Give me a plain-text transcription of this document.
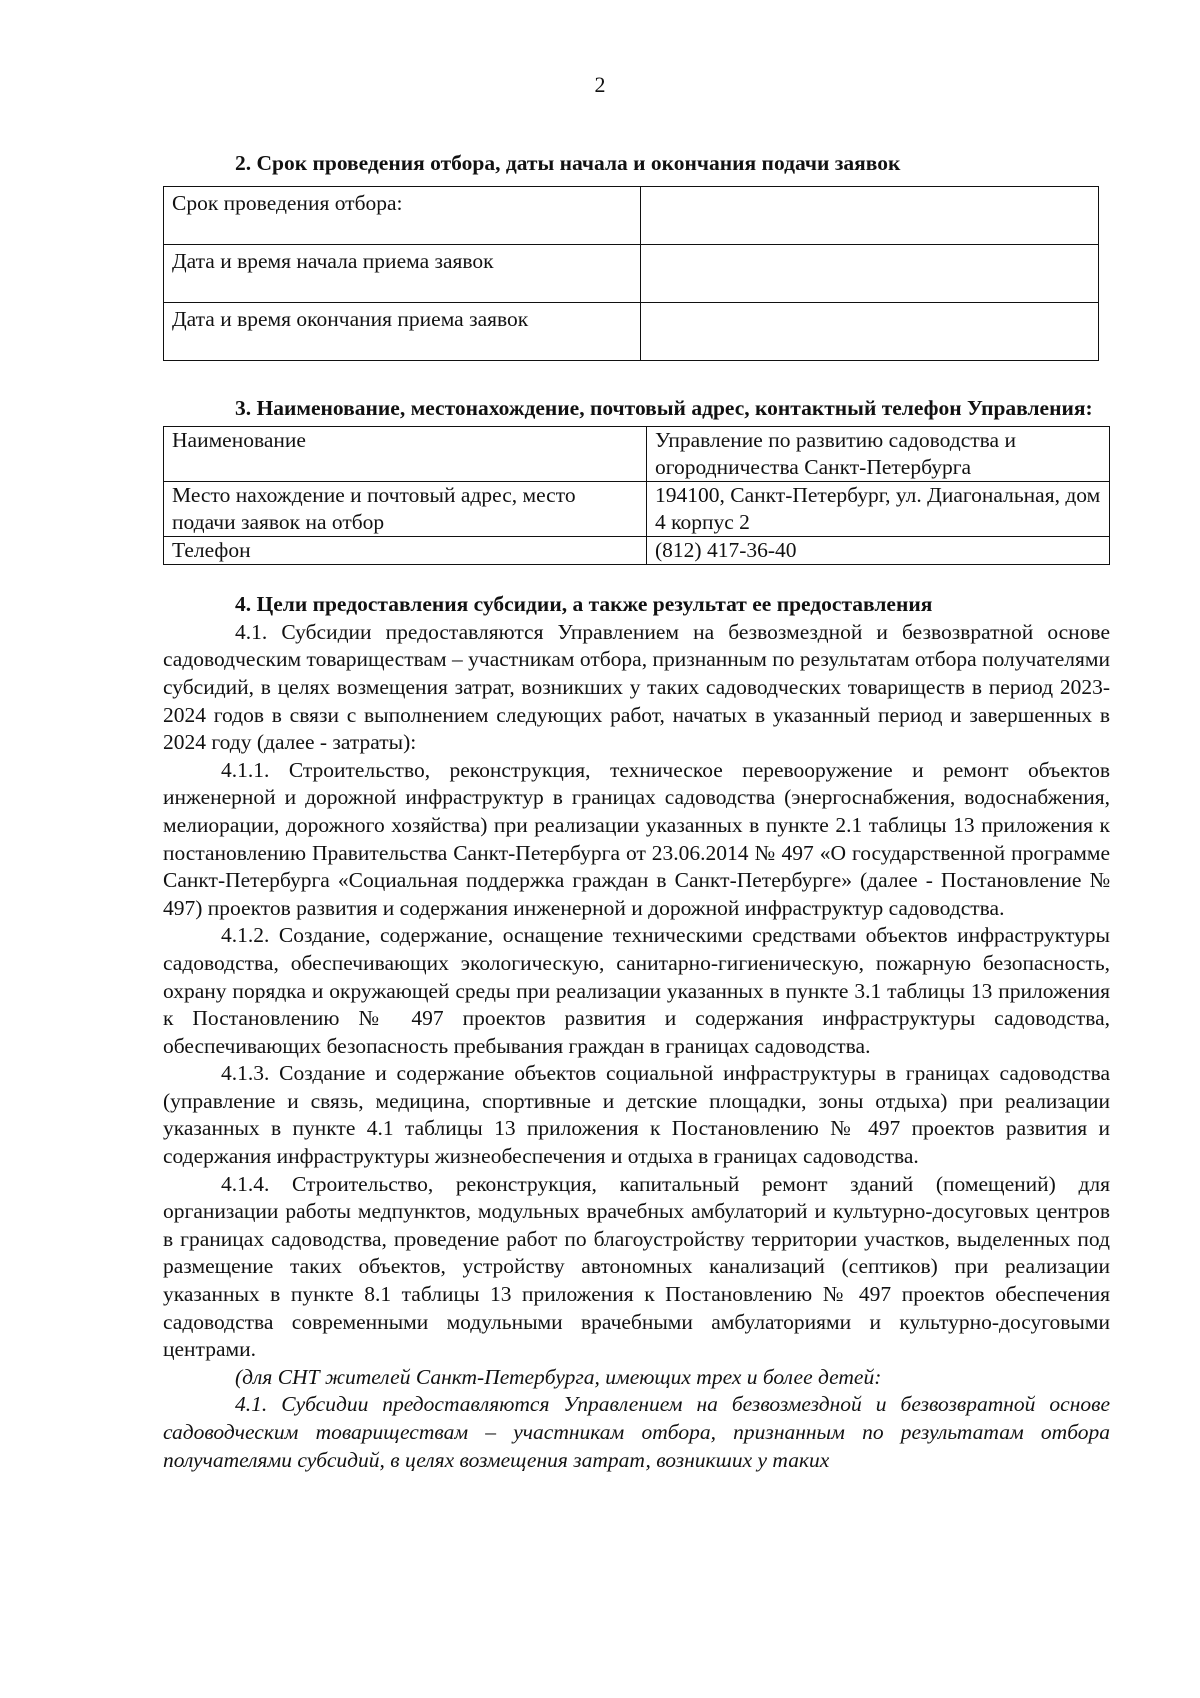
2

2. Срок проведения отбора, даты начала и окончания подачи заявок

Срок проведения отбора:	
Дата и время начала приема заявок	
Дата и время окончания приема заявок	

3. Наименование, местонахождение, почтовый адрес, контактный телефон Управления:

Наименование	Управление по развитию садоводства и огородничества Санкт-Петербурга
Место нахождение и почтовый адрес, место подачи заявок на отбор	194100, Санкт-Петербург, ул. Диагональная, дом 4 корпус 2
Телефон	(812) 417-36-40

4. Цели предоставления субсидии, а также результат ее предоставления

4.1. Субсидии предоставляются Управлением на безвозмездной и безвозвратной основе садоводческим товариществам – участникам отбора, признанным по результатам отбора получателями субсидий, в целях возмещения затрат, возникших у таких садоводческих товариществ в период 2023-2024 годов в связи с выполнением следующих работ, начатых в указанный период и завершенных в 2024 году (далее - затраты):

4.1.1. Строительство, реконструкция, техническое перевооружение и ремонт объектов инженерной и дорожной инфраструктур в границах садоводства (энергоснабжения, водоснабжения, мелиорации, дорожного хозяйства) при реализации указанных в пункте 2.1 таблицы 13 приложения к постановлению Правительства Санкт-Петербурга от 23.06.2014 № 497 «О государственной программе Санкт-Петербурга «Социальная поддержка граждан в Санкт-Петербурге» (далее - Постановление № 497) проектов развития и содержания инженерной и дорожной инфраструктур садоводства.

4.1.2. Создание, содержание, оснащение техническими средствами объектов инфраструктуры садоводства, обеспечивающих экологическую, санитарно-гигиеническую, пожарную безопасность, охрану порядка и окружающей среды при реализации указанных в пункте 3.1 таблицы 13 приложения к Постановлению № 497 проектов развития и содержания инфраструктуры садоводства, обеспечивающих безопасность пребывания граждан в границах садоводства.

4.1.3. Создание и содержание объектов социальной инфраструктуры в границах садоводства (управление и связь, медицина, спортивные и детские площадки, зоны отдыха) при реализации указанных в пункте 4.1 таблицы 13 приложения к Постановлению № 497 проектов развития и содержания инфраструктуры жизнеобеспечения и отдыха в границах садоводства.

4.1.4. Строительство, реконструкция, капитальный ремонт зданий (помещений) для организации работы медпунктов, модульных врачебных амбулаторий и культурно-досуговых центров в границах садоводства, проведение работ по благоустройству территории участков, выделенных под размещение таких объектов, устройству автономных канализаций (септиков) при реализации указанных в пункте 8.1 таблицы 13 приложения к Постановлению № 497 проектов обеспечения садоводства современными модульными врачебными амбулаториями и культурно-досуговыми центрами.

(для СНТ жителей Санкт-Петербурга, имеющих трех и более детей:

4.1. Субсидии предоставляются Управлением на безвозмездной и безвозвратной основе садоводческим товариществам – участникам отбора, признанным по результатам отбора получателями субсидий, в целях возмещения затрат, возникших у таких
